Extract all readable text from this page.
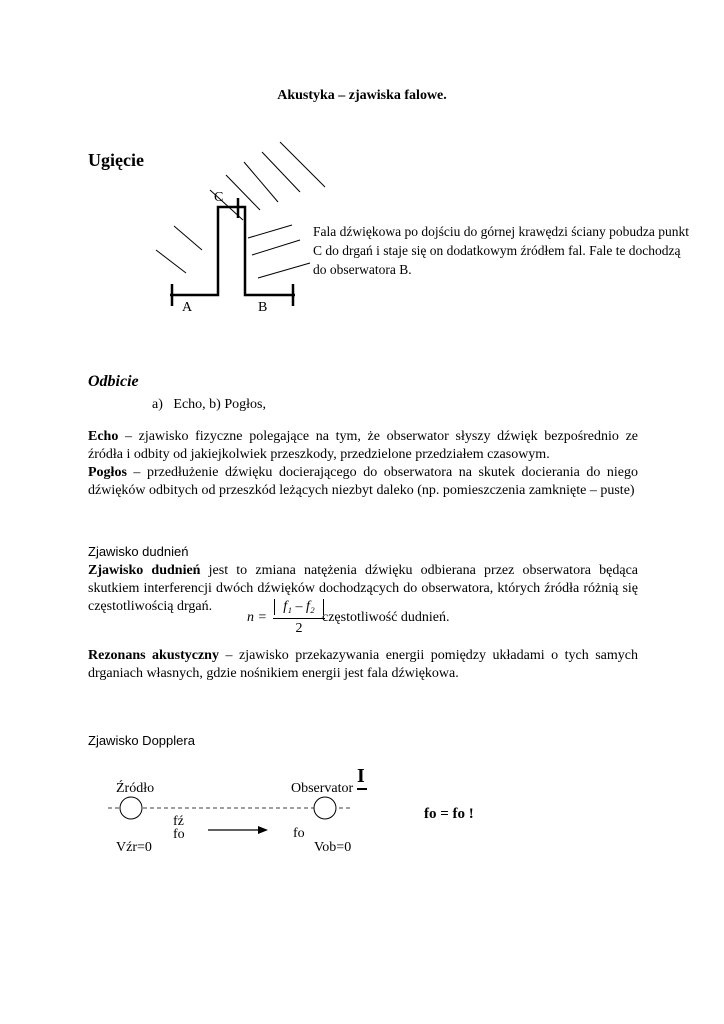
Akustyka – zjawiska falowe.
Ugięcie
C
A	B
Fala dźwiękowa po dojściu do górnej krawędzi ściany pobudza punkt C do drgań i staje się on dodatkowym źródłem fal. Fale te dochodzą do obserwatora B.
Odbicie
a) Echo, b) Pogłos,
Echo – zjawisko fizyczne polegające na tym, że obserwator słyszy dźwięk bezpośrednio ze źródła i odbity od jakiejkolwiek przeszkody, przedzielone przedziałem czasowym.
Pogłos – przedłużenie dźwięku docierającego do obserwatora na skutek docierania do niego dźwięków odbitych od przeszkód leżących niezbyt daleko (np. pomieszczenia zamknięte – puste)
Zjawisko dudnień
Zjawisko dudnień jest to zmiana natężenia dźwięku odbierana przez obserwatora będąca skutkiem interferencji dwóch dźwięków dochodzących do obserwatora, których źródła różnią się częstotliwością drgań.
n =
f₁ – f₂
2
częstotliwość dudnień.
Rezonans akustyczny – zjawisko przekazywania energii pomiędzy układami o tych samych drganiach własnych, gdzie nośnikiem energii jest fala dźwiękowa.
Zjawisko Dopplera
Źródło	Observator
I
fź
fo	fo
Vźr=0	Vob=0
fo = fo !
